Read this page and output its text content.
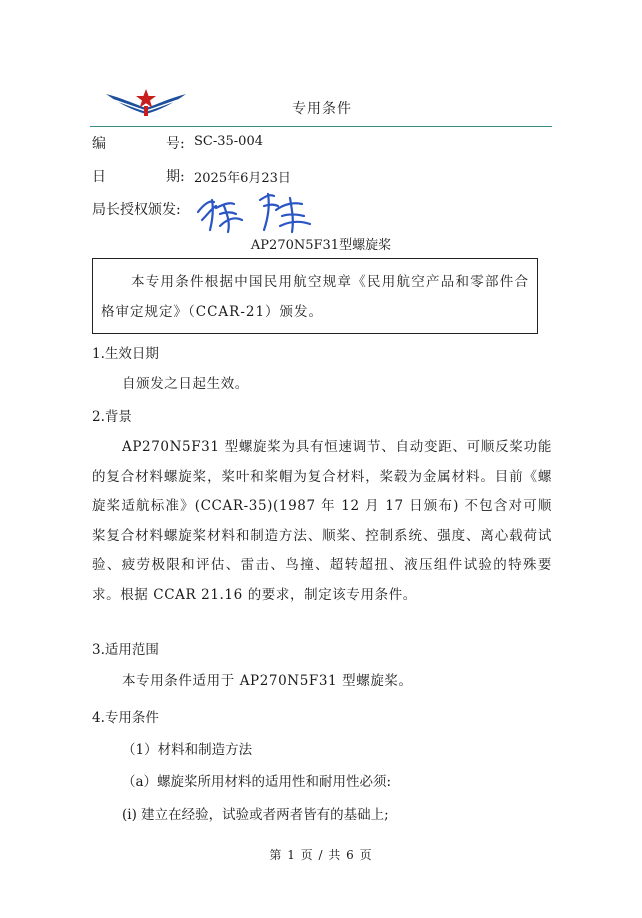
专用条件
编	号: SC-35-004
日	期: 2025年6月23日
局长授权颁发:
AP270N5F31型螺旋桨
本专用条件根据中国民用航空规章《民用航空产品和零部件合格审定规定》（CCAR-21）颁发。
1.生效日期
自颁发之日起生效。
2.背景
AP270N5F31 型螺旋桨为具有恒速调节、自动变距、可顺反桨功能的复合材料螺旋桨，桨叶和桨帽为复合材料，桨毂为金属材料。目前《螺旋桨适航标准》(CCAR-35)(1987 年 12 月 17 日颁布) 不包含对可顺桨复合材料螺旋桨材料和制造方法、顺桨、控制系统、强度、离心载荷试验、疲劳极限和评估、雷击、鸟撞、超转超扭、液压组件试验的特殊要求。根据 CCAR 21.16 的要求，制定该专用条件。
3.适用范围
本专用条件适用于 AP270N5F31 型螺旋桨。
4.专用条件
（1）材料和制造方法
（a）螺旋桨所用材料的适用性和耐用性必须:
(i) 建立在经验，试验或者两者皆有的基础上;
第 1 页 / 共 6 页
